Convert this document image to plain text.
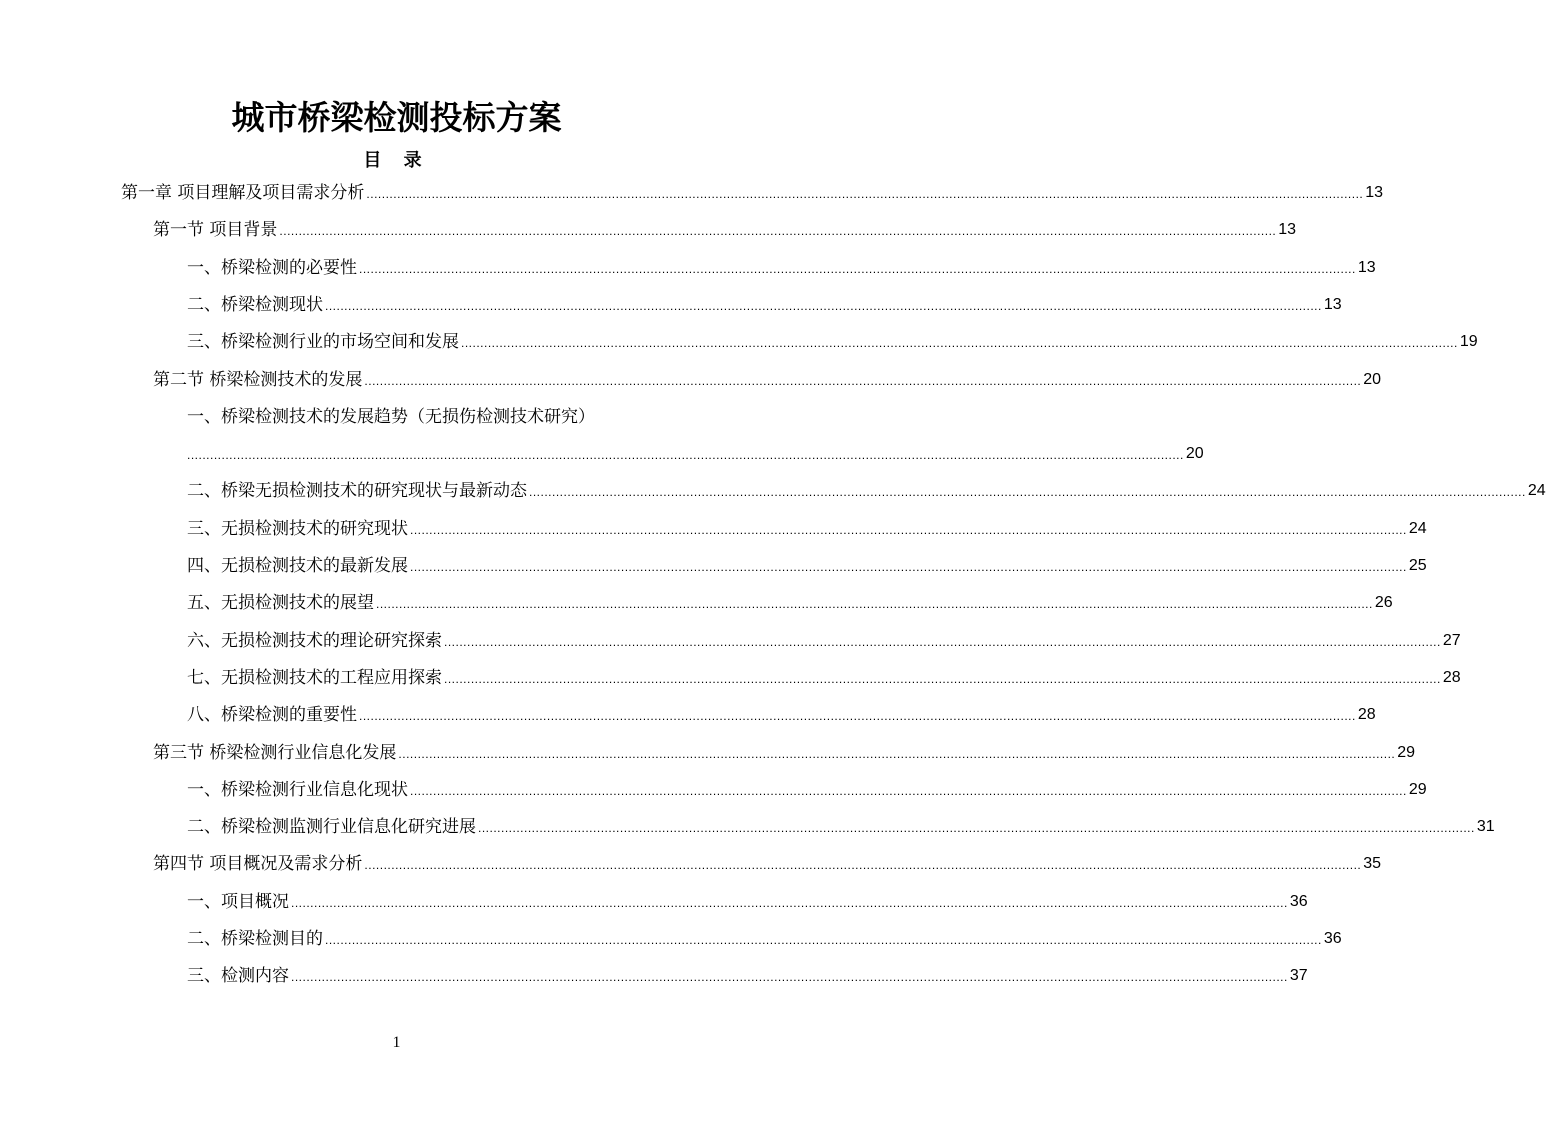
城市桥梁检测投标方案
目 录
第一章 项目理解及项目需求分析 .................................................................................................................................................................................................................................................................... 13
第一节 项目背景 .................................................................................................................................................................................................................................................................... 13
一、桥梁检测的必要性 .................................................................................................................................................................................................................................................................... 13
二、桥梁检测现状 .................................................................................................................................................................................................................................................................... 13
三、桥梁检测行业的市场空间和发展 .................................................................................................................................................................................................................................................................... 19
第二节 桥梁检测技术的发展 .................................................................................................................................................................................................................................................................... 20
一、桥梁检测技术的发展趋势（无损伤检测技术研究）
.................................................................................................................................................................................................................................................................... 20
二、桥梁无损检测技术的研究现状与最新动态 .................................................................................................................................................................................................................................................................... 24
三、无损检测技术的研究现状 .................................................................................................................................................................................................................................................................... 24
四、无损检测技术的最新发展 .................................................................................................................................................................................................................................................................... 25
五、无损检测技术的展望 .................................................................................................................................................................................................................................................................... 26
六、无损检测技术的理论研究探索 .................................................................................................................................................................................................................................................................... 27
七、无损检测技术的工程应用探索 .................................................................................................................................................................................................................................................................... 28
八、桥梁检测的重要性 .................................................................................................................................................................................................................................................................... 28
第三节 桥梁检测行业信息化发展 .................................................................................................................................................................................................................................................................... 29
一、桥梁检测行业信息化现状 .................................................................................................................................................................................................................................................................... 29
二、桥梁检测监测行业信息化研究进展 .................................................................................................................................................................................................................................................................... 31
第四节 项目概况及需求分析 .................................................................................................................................................................................................................................................................... 35
一、项目概况 .................................................................................................................................................................................................................................................................... 36
二、桥梁检测目的 .................................................................................................................................................................................................................................................................... 36
三、检测内容 .................................................................................................................................................................................................................................................................... 37
1
